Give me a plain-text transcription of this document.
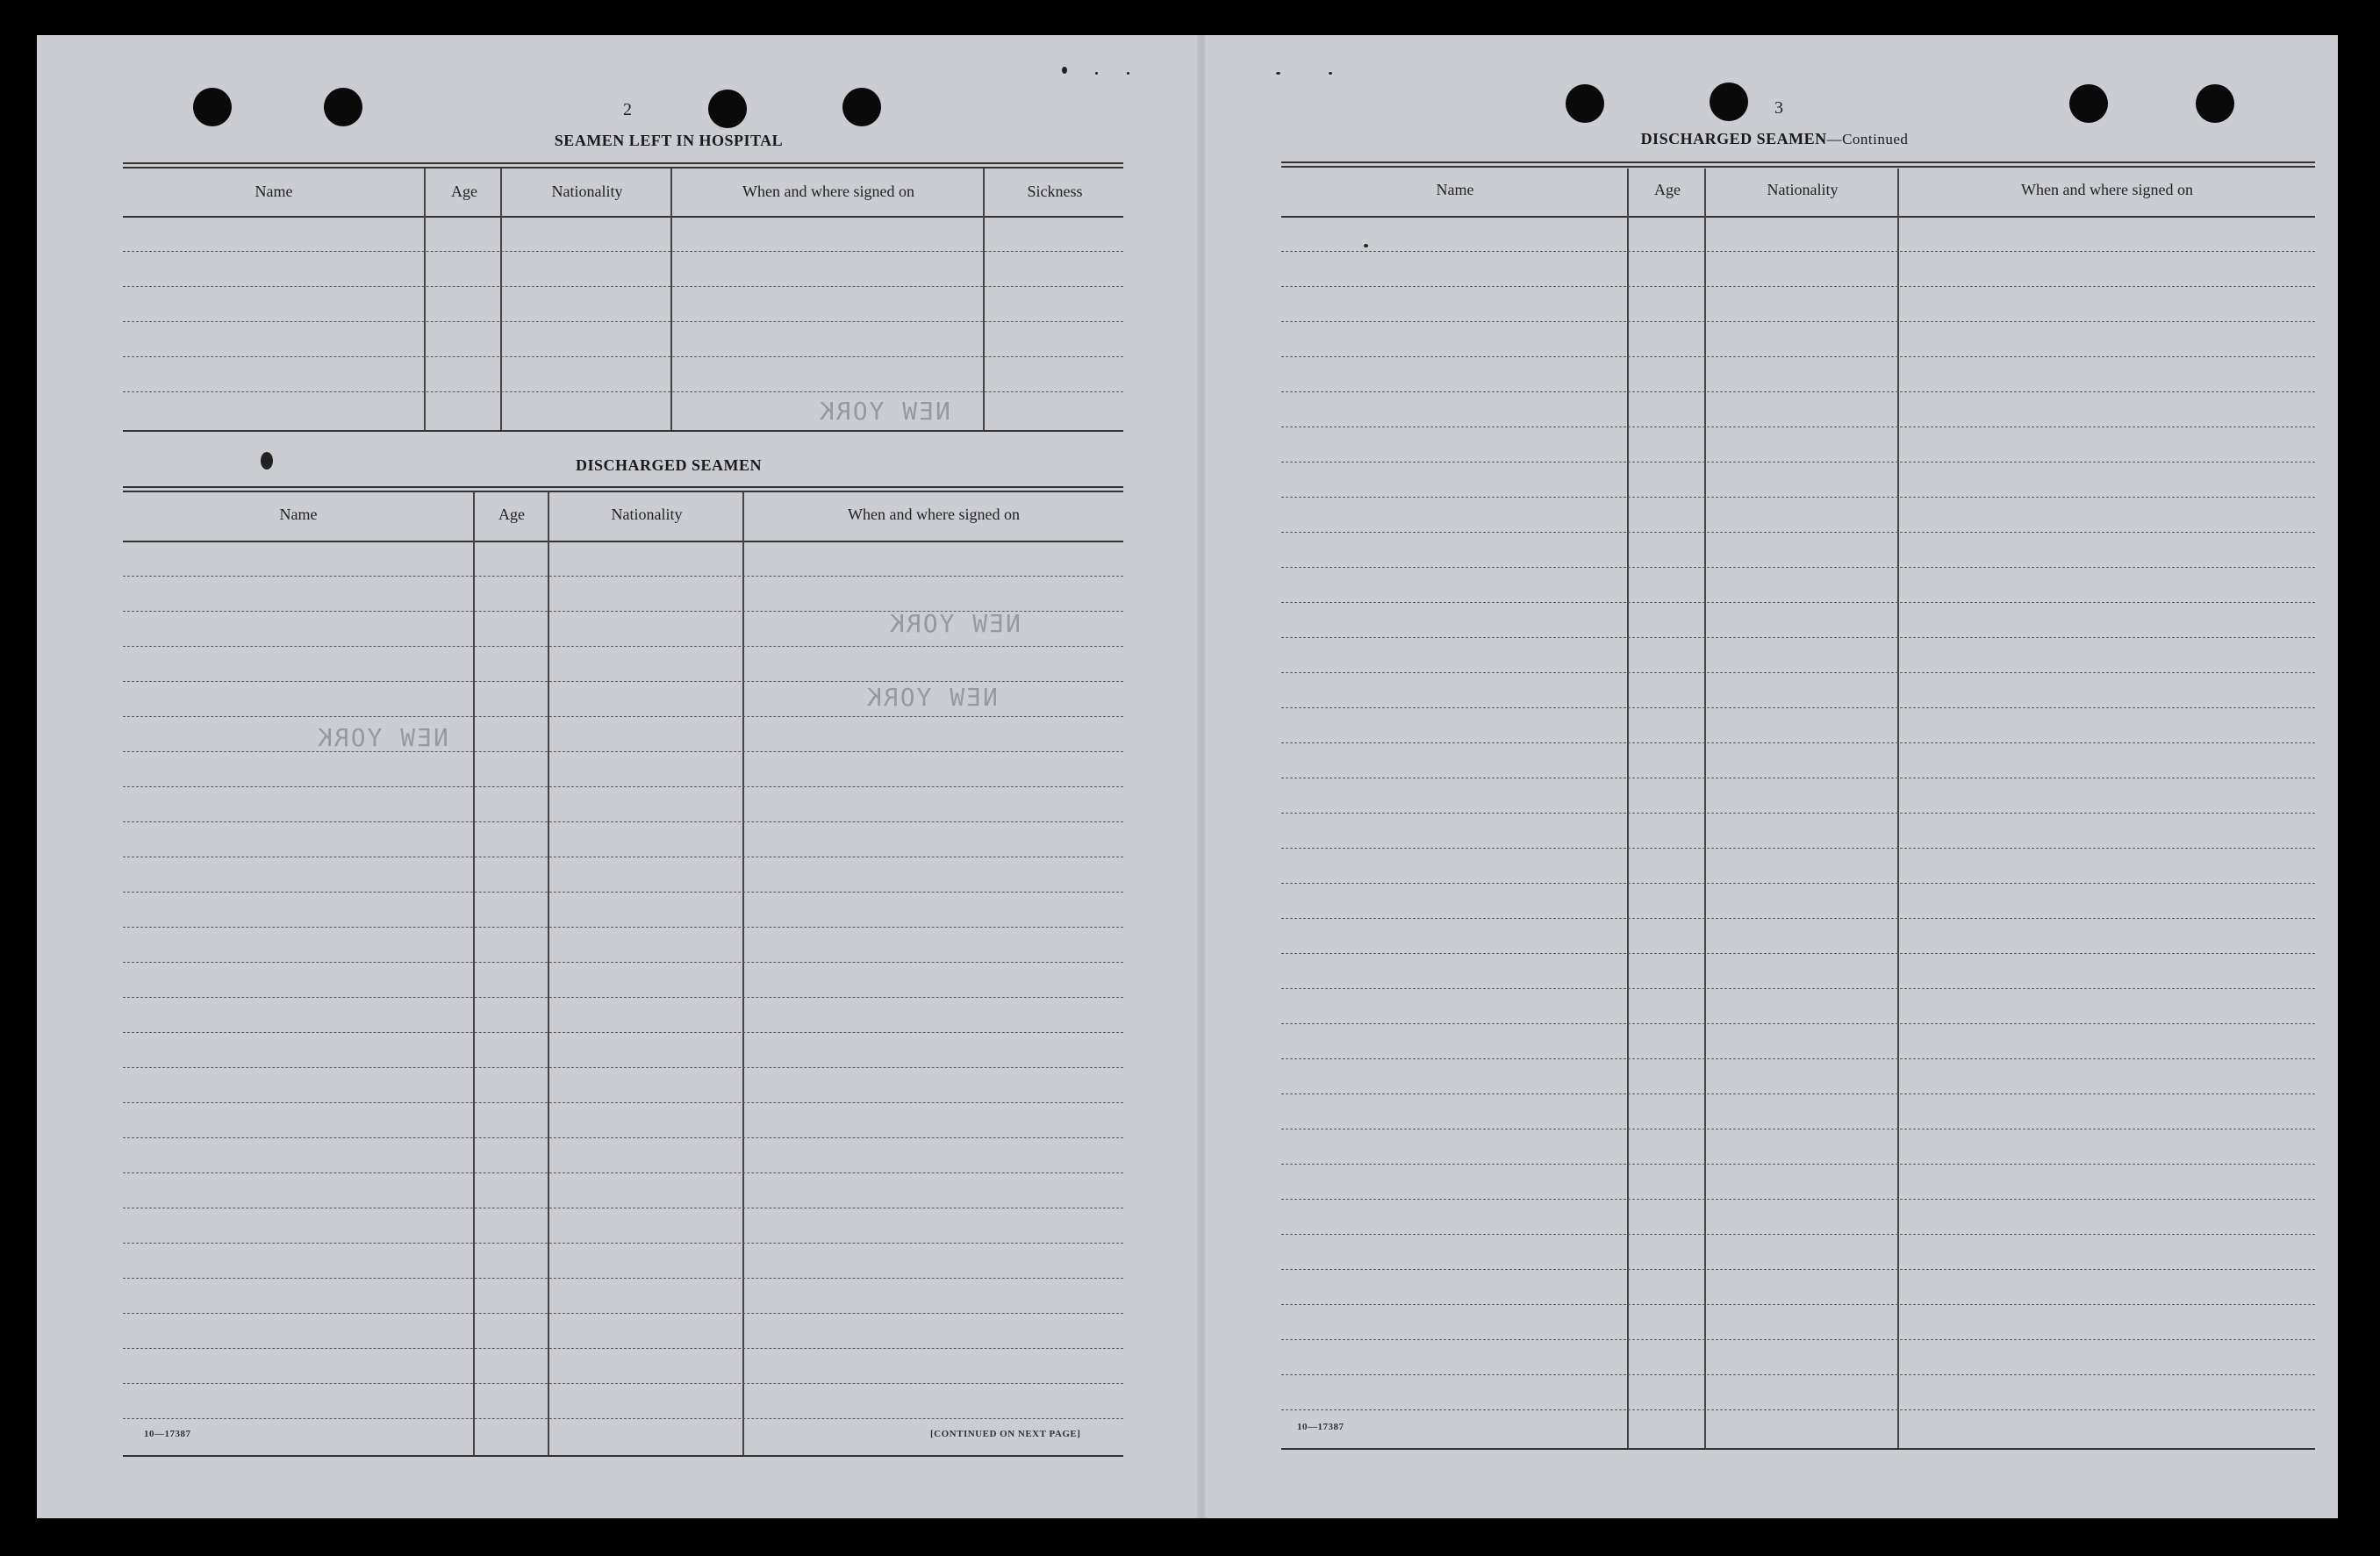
2
SEAMEN LEFT IN HOSPITAL
Name	Age	Nationality	When and where signed on	Sickness
DISCHARGED SEAMEN
Name	Age	Nationality	When and where signed on
10—17387	[CONTINUED ON NEXT PAGE]
NEW YORK
NEW YORK
NEW YORK
NEW YORK
3
DISCHARGED SEAMEN—Continued
Name	Age	Nationality	When and where signed on
10—17387
